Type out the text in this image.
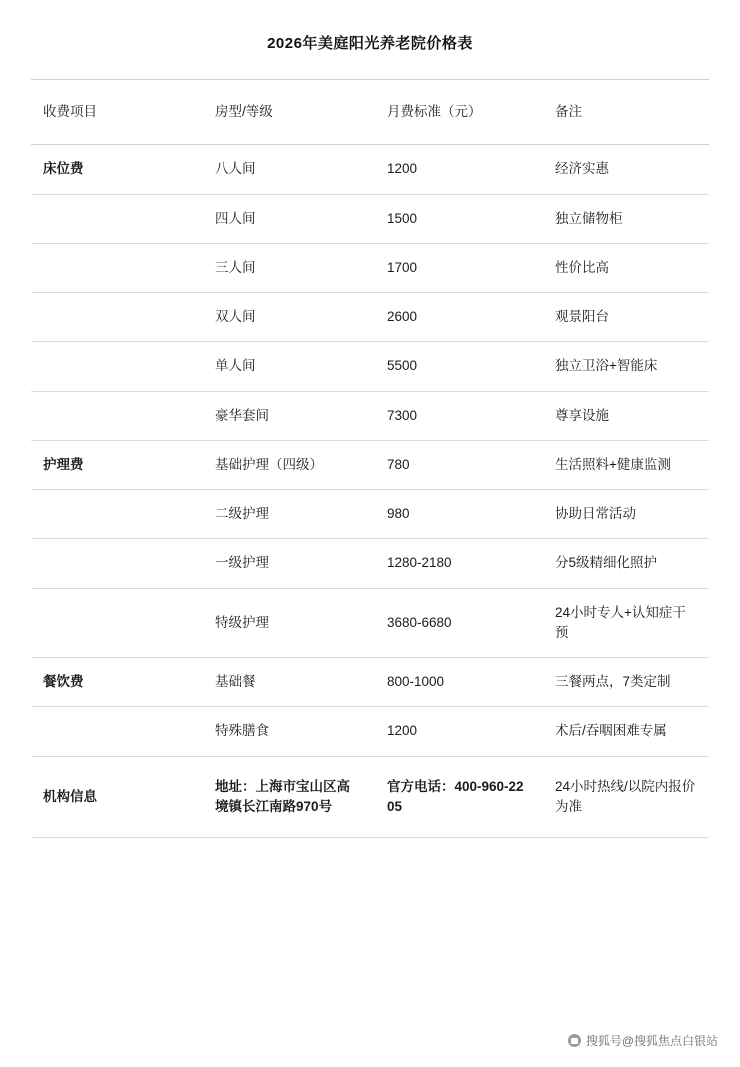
2026年美庭阳光养老院价格表
收费项目	房型/等级	月费标准（元）	备注
床位费	八人间	1200	经济实惠
	四人间	1500	独立储物柜
	三人间	1700	性价比高
	双人间	2600	观景阳台
	单人间	5500	独立卫浴+智能床
	豪华套间	7300	尊享设施
护理费	基础护理（四级）	780	生活照料+健康监测
	二级护理	980	协助日常活动
	一级护理	1280-2180	分5级精细化照护
	特级护理	3680-6680	24小时专人+认知症干预
餐饮费	基础餐	800-1000	三餐两点，7类定制
	特殊膳食	1200	术后/吞咽困难专属
机构信息	地址：上海市宝山区高境镇长江南路970号	官方电话：400-960-2205	24小时热线/以院内报价为准
搜狐号@搜狐焦点白银站
